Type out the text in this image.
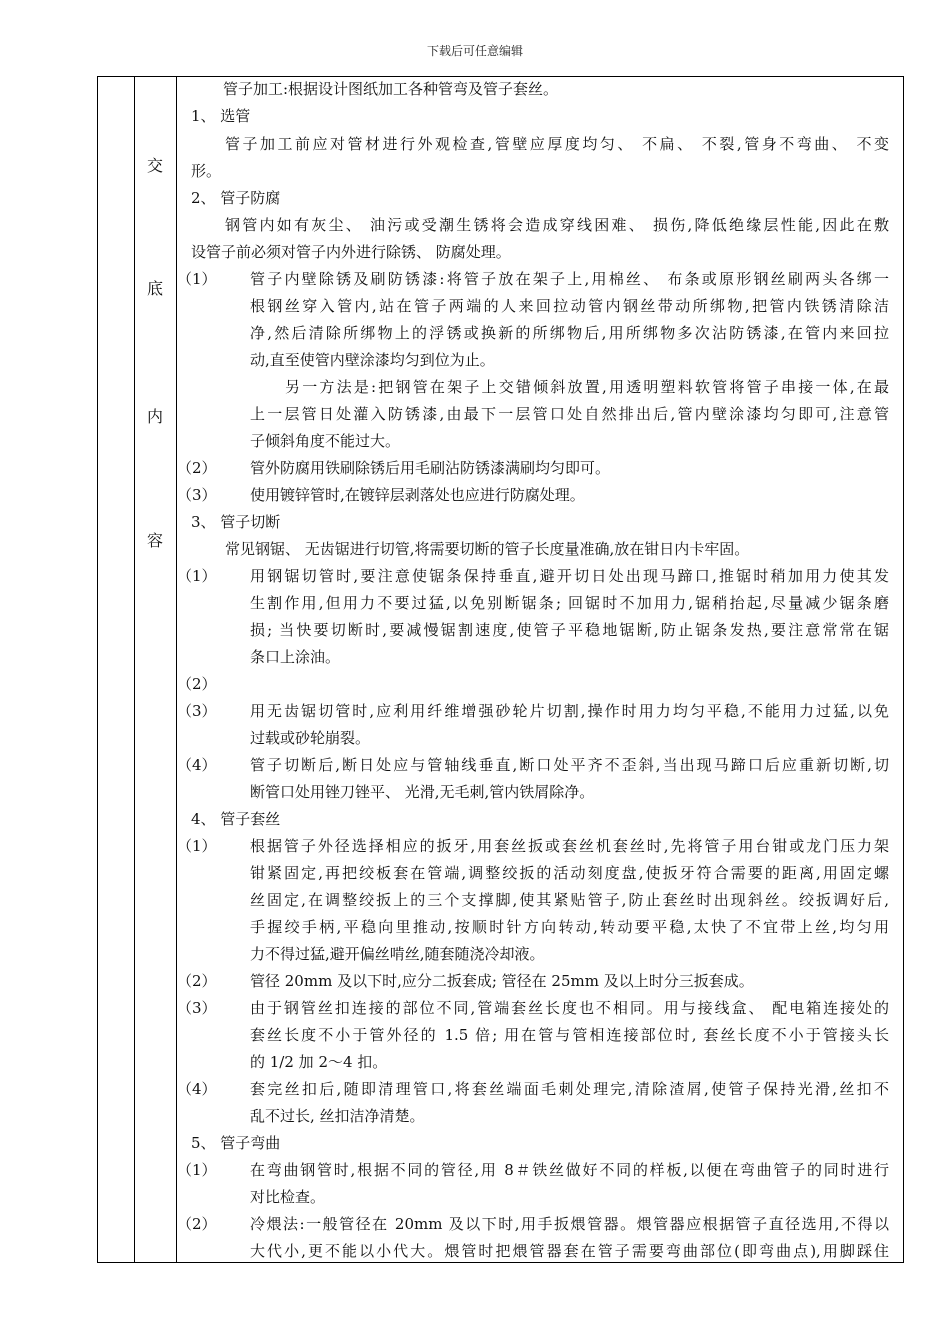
下载后可任意编辑
交
底
内
容
管子加工:根据设计图纸加工各种管弯及管子套丝。
1、 选管
管子加工前应对管材进行外观检查,管壁应厚度均匀、 不扁、 不裂,管身不弯曲、 不变
形。
2、 管子防腐
钢管内如有灰尘、 油污或受潮生锈将会造成穿线困难、 损伤,降低绝缘层性能,因此在敷
设管子前必须对管子内外进行除锈、 防腐处理。
（1） 管子内壁除锈及刷防锈漆:将管子放在架子上,用棉丝、 布条或原形钢丝刷两头各绑一
根钢丝穿入管内,站在管子两端的人来回拉动管内钢丝带动所绑物,把管内铁锈清除洁
净,然后清除所绑物上的浮锈或换新的所绑物后,用所绑物多次沾防锈漆,在管内来回拉
动,直至使管内壁涂漆均匀到位为止。
另一方法是:把钢管在架子上交错倾斜放置,用透明塑料软管将管子串接一体,在最
上一层管日处灌入防锈漆,由最下一层管口处自然排出后,管内壁涂漆均匀即可,注意管
子倾斜角度不能过大。
（2） 管外防腐用铁刷除锈后用毛刷沾防锈漆满刷均匀即可。
（3） 使用镀锌管时,在镀锌层剥落处也应进行防腐处理。
3、 管子切断
常见钢锯、 无齿锯进行切管,将需要切断的管子长度量准确,放在钳日内卡牢固。
（1） 用钢锯切管时,要注意使锯条保持垂直,避开切日处出现马蹄口,推锯时稍加用力使其发
生割作用,但用力不要过猛,以免别断锯条; 回锯时不加用力,锯稍抬起,尽量减少锯条磨
损; 当快要切断时,要减慢锯割速度,使管子平稳地锯断,防止锯条发热,要注意常常在锯
条口上涂油。
（2）
（3） 用无齿锯切管时,应利用纤维增强砂轮片切割,操作时用力均匀平稳,不能用力过猛,以免
过载或砂轮崩裂。
（4） 管子切断后,断日处应与管轴线垂直,断口处平齐不歪斜,当出现马蹄口后应重新切断,切
断管口处用锉刀锉平、 光滑,无毛刺,管内铁屑除净。
4、 管子套丝
（1） 根据管子外径选择相应的扳牙,用套丝扳或套丝机套丝时,先将管子用台钳或龙门压力架
钳紧固定,再把绞板套在管端,调整绞扳的活动刻度盘,使扳牙符合需要的距离,用固定螺
丝固定,在调整绞扳上的三个支撑脚,使其紧贴管子,防止套丝时出现斜丝。绞扳调好后,
手握绞手柄,平稳向里推动,按顺时针方向转动,转动要平稳,太快了不宜带上丝,均匀用
力不得过猛,避开偏丝啃丝,随套随浇冷却液。
（2） 管径 20mm 及以下时,应分二扳套成; 管径在 25mm 及以上时分三扳套成。
（3） 由于钢管丝扣连接的部位不同,管端套丝长度也不相同。用与接线盒、 配电箱连接处的
套丝长度不小于管外径的 1.5 倍; 用在管与管相连接部位时, 套丝长度不小于管接头长
的 1/2 加 2～4 扣。
（4） 套完丝扣后,随即清理管口,将套丝端面毛刺处理完,清除渣屑,使管子保持光滑,丝扣不
乱不过长, 丝扣洁净清楚。
5、 管子弯曲
（1） 在弯曲钢管时,根据不同的管径,用 8＃铁丝做好不同的样板,以便在弯曲管子的同时进行
对比检查。
（2） 冷煨法:一般管径在 20mm 及以下时,用手扳煨管器。煨管器应根据管子直径选用,不得以
大代小,更不能以小代大。煨管时把煨管器套在管子需要弯曲部位(即弯曲点),用脚踩住
